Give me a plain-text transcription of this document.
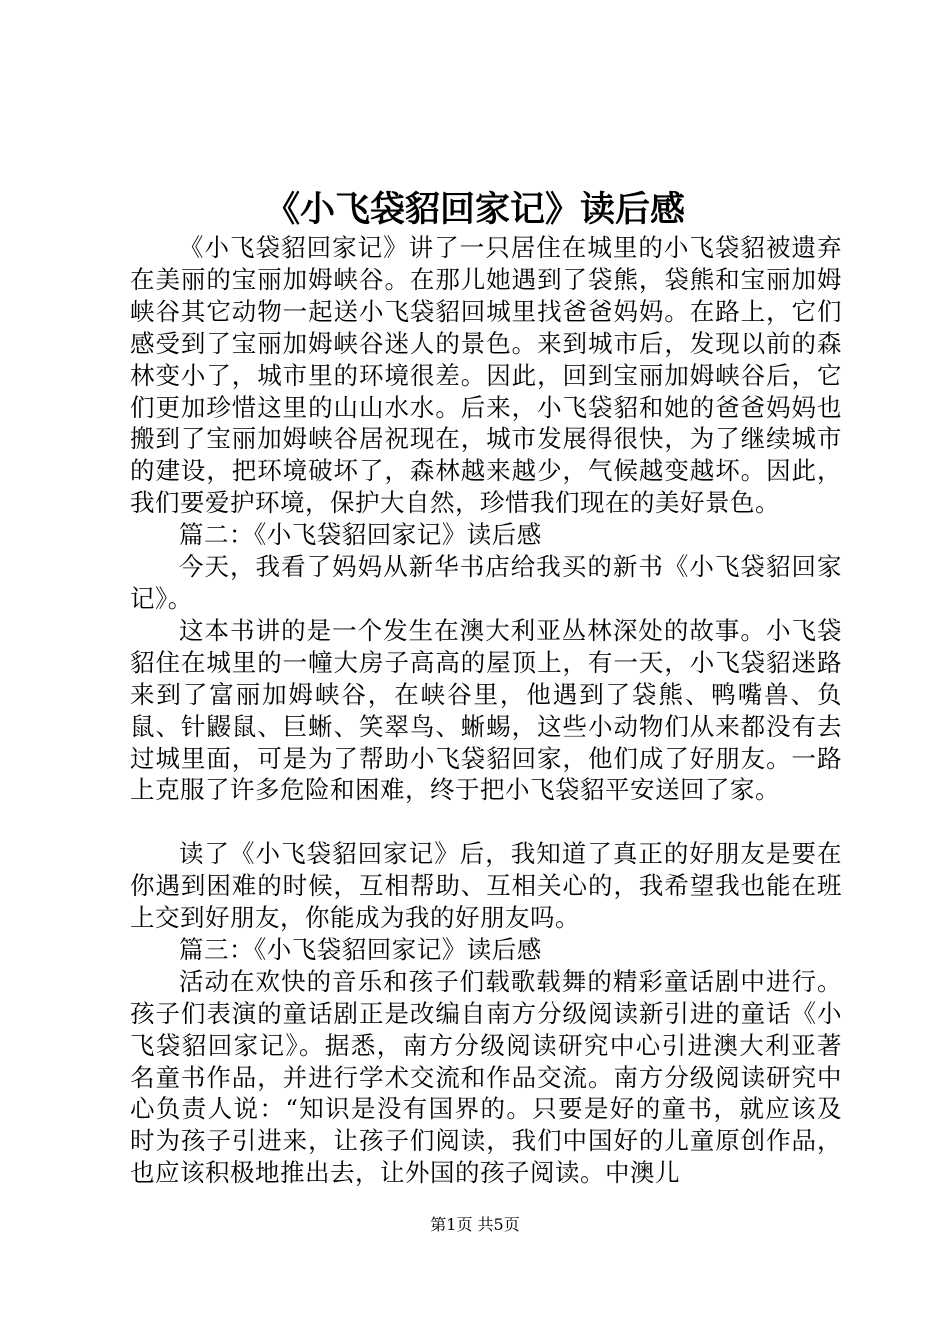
《小飞袋貂回家记》读后感

《小飞袋貂回家记》讲了一只居住在城里的小飞袋貂被遗弃在美丽的宝丽加姆峡谷。在那儿她遇到了袋熊，袋熊和宝丽加姆峡谷其它动物一起送小飞袋貂回城里找爸爸妈妈。在路上，它们感受到了宝丽加姆峡谷迷人的景色。来到城市后，发现以前的森林变小了，城市里的环境很差。因此，回到宝丽加姆峡谷后，它们更加珍惜这里的山山水水。后来，小飞袋貂和她的爸爸妈妈也搬到了宝丽加姆峡谷居祝现在，城市发展得很快，为了继续城市的建设，把环境破坏了，森林越来越少，气候越变越坏。因此，我们要爱护环境，保护大自然，珍惜我们现在的美好景色。

篇二：《小飞袋貂回家记》读后感

今天，我看了妈妈从新华书店给我买的新书《小飞袋貂回家记》。

这本书讲的是一个发生在澳大利亚丛林深处的故事。小飞袋貂住在城里的一幢大房子高高的屋顶上，有一天，小飞袋貂迷路来到了富丽加姆峡谷，在峡谷里，他遇到了袋熊、鸭嘴兽、负鼠、针鼹鼠、巨蜥、笑翠鸟、蜥蜴，这些小动物们从来都没有去过城里面，可是为了帮助小飞袋貂回家，他们成了好朋友。一路上克服了许多危险和困难，终于把小飞袋貂平安送回了家。

读了《小飞袋貂回家记》后，我知道了真正的好朋友是要在你遇到困难的时候，互相帮助、互相关心的，我希望我也能在班上交到好朋友，你能成为我的好朋友吗。

篇三：《小飞袋貂回家记》读后感

活动在欢快的音乐和孩子们载歌载舞的精彩童话剧中进行。孩子们表演的童话剧正是改编自南方分级阅读新引进的童话《小飞袋貂回家记》。据悉，南方分级阅读研究中心引进澳大利亚著名童书作品，并进行学术交流和作品交流。南方分级阅读研究中心负责人说：“知识是没有国界的。只要是好的童书，就应该及时为孩子引进来，让孩子们阅读，我们中国好的儿童原创作品，也应该积极地推出去，让外国的孩子阅读。中澳儿

第1页 共5页
